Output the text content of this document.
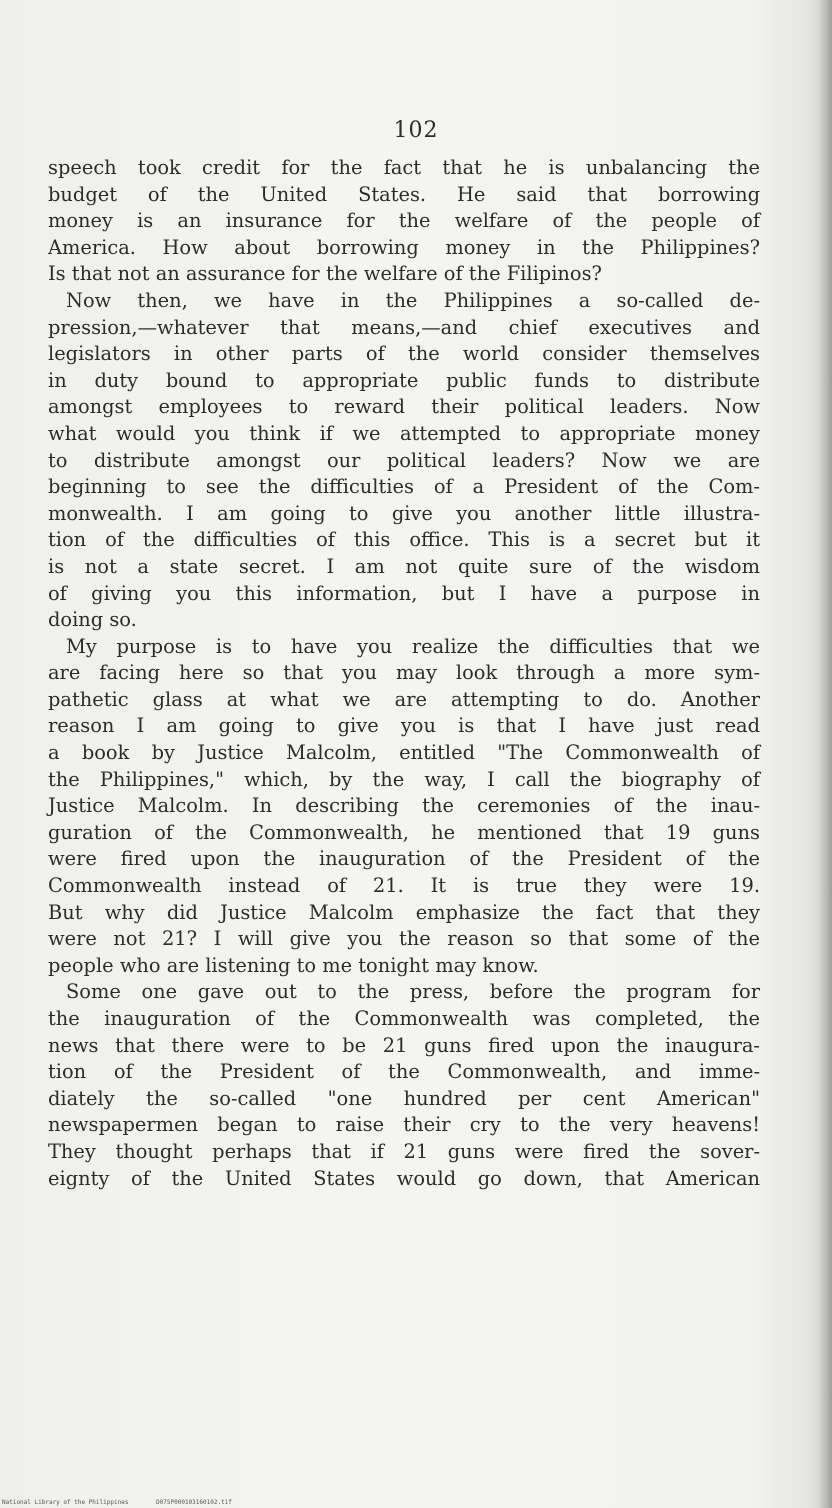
102
speech took credit for the fact that he is unbalancing the
budget of the United States. He said that borrowing
money is an insurance for the welfare of the people of
America. How about borrowing money in the Philippines?
Is that not an assurance for the welfare of the Filipinos?
Now then, we have in the Philippines a so-called de-
pression,—whatever that means,—and chief executives and
legislators in other parts of the world consider themselves
in duty bound to appropriate public funds to distribute
amongst employees to reward their political leaders. Now
what would you think if we attempted to appropriate money
to distribute amongst our political leaders? Now we are
beginning to see the difficulties of a President of the Com-
monwealth. I am going to give you another little illustra-
tion of the difficulties of this office. This is a secret but it
is not a state secret. I am not quite sure of the wisdom
of giving you this information, but I have a purpose in
doing so.
My purpose is to have you realize the difficulties that we
are facing here so that you may look through a more sym-
pathetic glass at what we are attempting to do. Another
reason I am going to give you is that I have just read
a book by Justice Malcolm, entitled "The Commonwealth of
the Philippines," which, by the way, I call the biography of
Justice Malcolm. In describing the ceremonies of the inau-
guration of the Commonwealth, he mentioned that 19 guns
were fired upon the inauguration of the President of the
Commonwealth instead of 21. It is true they were 19.
But why did Justice Malcolm emphasize the fact that they
were not 21? I will give you the reason so that some of the
people who are listening to me tonight may know.
Some one gave out to the press, before the program for
the inauguration of the Commonwealth was completed, the
news that there were to be 21 guns fired upon the inaugura-
tion of the President of the Commonwealth, and imme-
diately the so-called "one hundred per cent American"
newspapermen began to raise their cry to the very heavens!
They thought perhaps that if 21 guns were fired the sover-
eignty of the United States would go down, that American
National Library of the Philippines	D07SP000103160102.tif
